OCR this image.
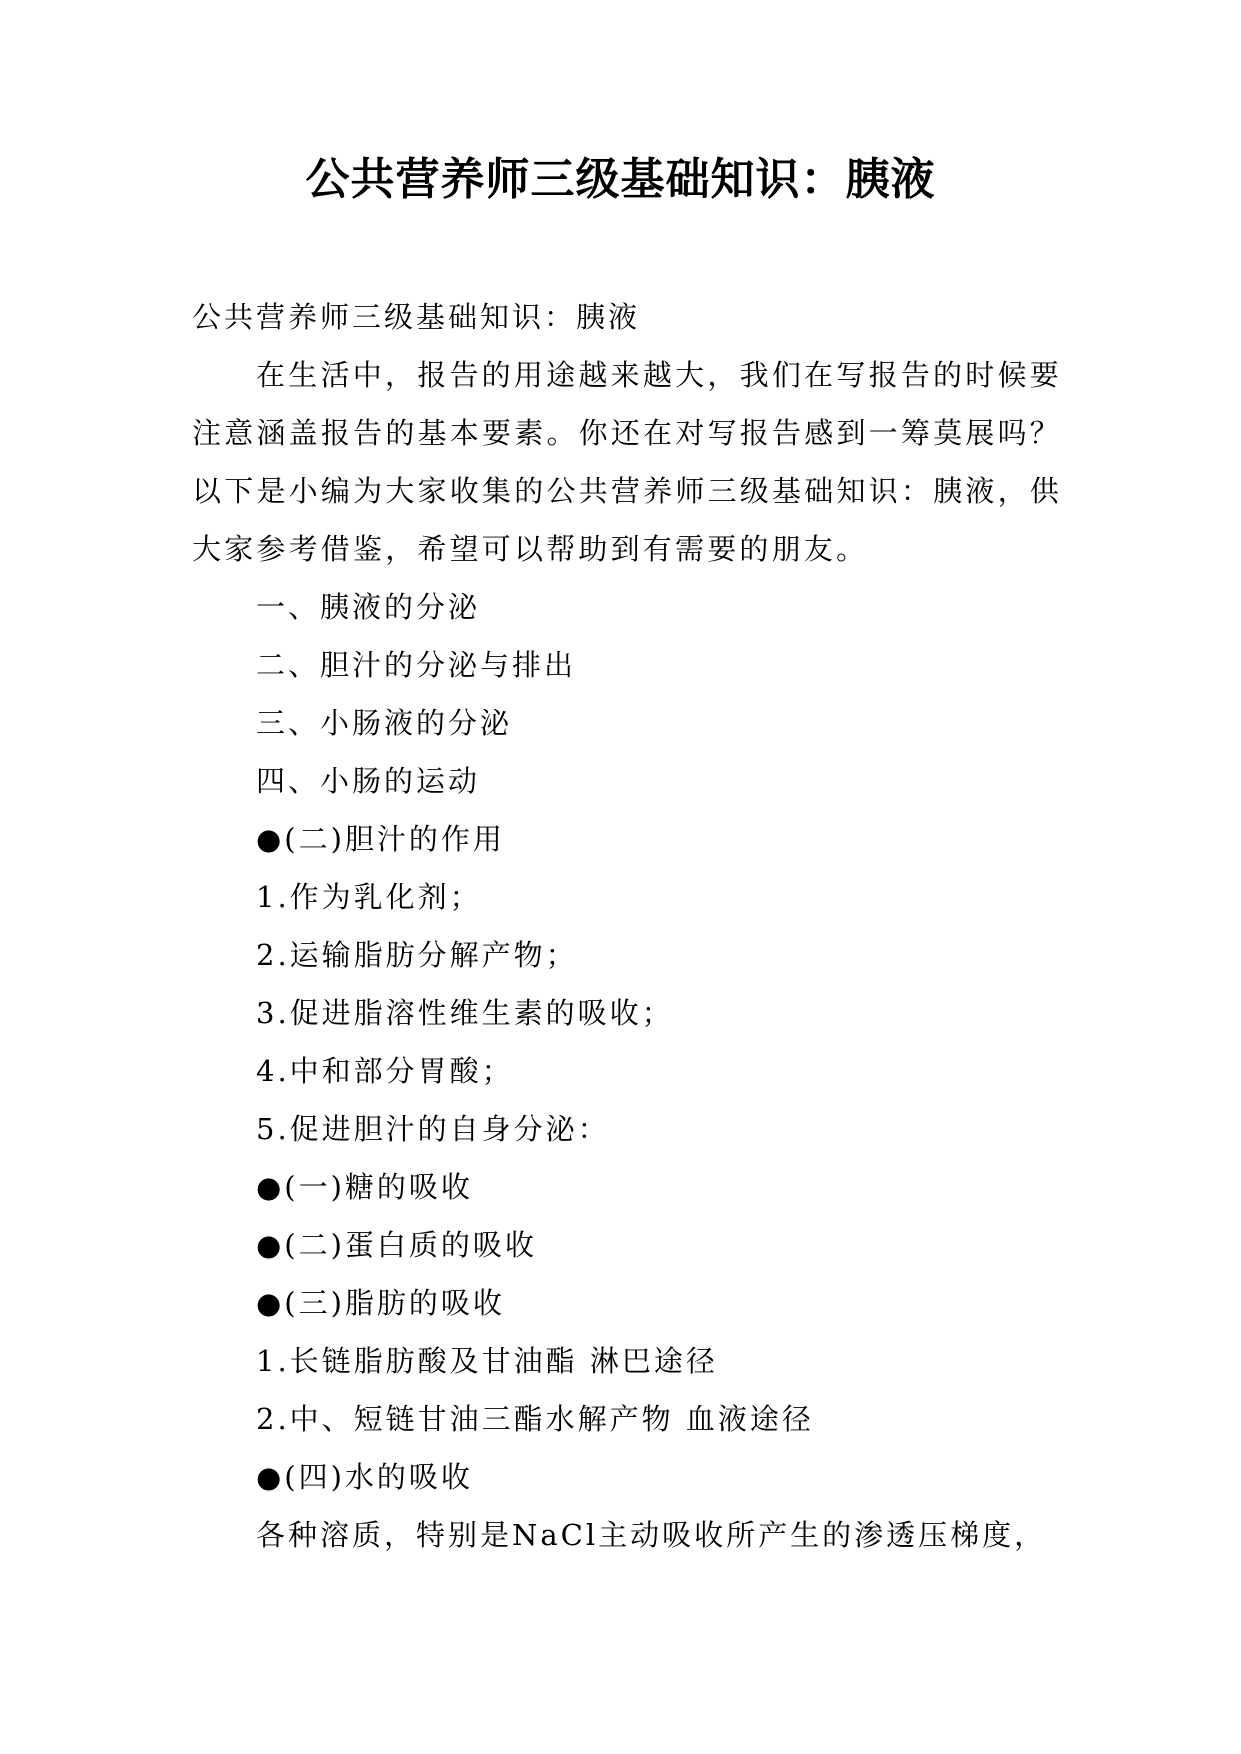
公共营养师三级基础知识：胰液

公共营养师三级基础知识：胰液

在生活中，报告的用途越来越大，我们在写报告的时候要注意涵盖报告的基本要素。你还在对写报告感到一筹莫展吗？以下是小编为大家收集的公共营养师三级基础知识：胰液，供大家参考借鉴，希望可以帮助到有需要的朋友。

一、胰液的分泌

二、胆汁的分泌与排出

三、小肠液的分泌

四、小肠的运动

●(二)胆汁的作用

1.作为乳化剂；

2.运输脂肪分解产物；

3.促进脂溶性维生素的吸收；

4.中和部分胃酸；

5.促进胆汁的自身分泌：

●(一)糖的吸收

●(二)蛋白质的吸收

●(三)脂肪的吸收

1.长链脂肪酸及甘油酯 淋巴途径

2.中、短链甘油三酯水解产物 血液途径

●(四)水的吸收

各种溶质，特别是NaCl主动吸收所产生的渗透压梯度，
